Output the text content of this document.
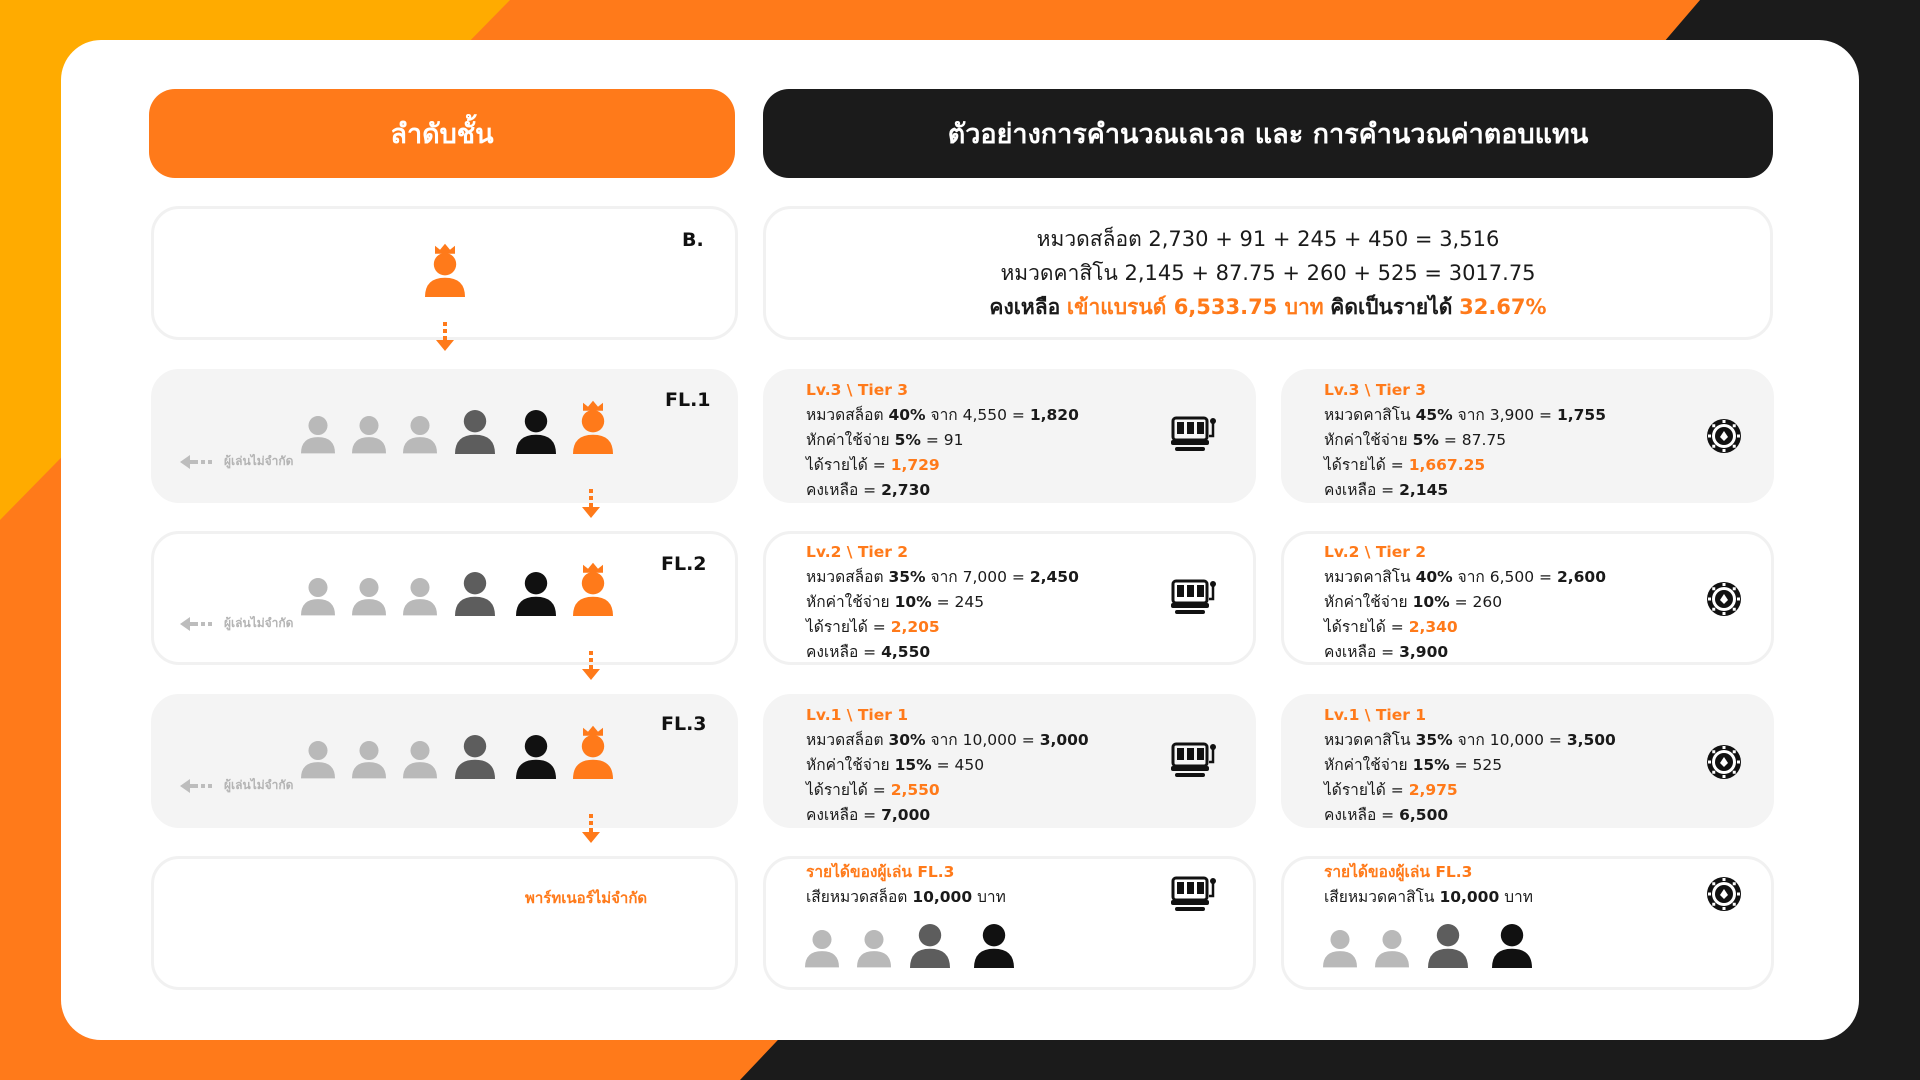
ลำดับชั้น	ตัวอย่างการคำนวณเลเวล และ การคำนวณค่าตอบแทน
B.
FL.1
FL.2
FL.3
ผู้เล่นไม่จำกัด
ผู้เล่นไม่จำกัด
ผู้เล่นไม่จำกัด
พาร์ทเนอร์ไม่จำกัด
หมวดสล็อต 2,730 + 91 + 245 + 450 = 3,516
หมวดคาสิโน 2,145 + 87.75 + 260 + 525 = 3017.75
คงเหลือ เข้าแบรนด์ 6,533.75 บาท คิดเป็นรายได้ 32.67%
Lv.3 \ Tier 3
หมวดสล็อต 40% จาก 4,550 = 1,820
หักค่าใช้จ่าย 5% = 91
ได้รายได้ = 1,729
คงเหลือ = 2,730
Lv.3 \ Tier 3
หมวดคาสิโน 45% จาก 3,900 = 1,755
หักค่าใช้จ่าย 5% = 87.75
ได้รายได้ = 1,667.25
คงเหลือ = 2,145
Lv.2 \ Tier 2
หมวดสล็อต 35% จาก 7,000 = 2,450
หักค่าใช้จ่าย 10% = 245
ได้รายได้ = 2,205
คงเหลือ = 4,550
Lv.2 \ Tier 2
หมวดคาสิโน 40% จาก 6,500 = 2,600
หักค่าใช้จ่าย 10% = 260
ได้รายได้ = 2,340
คงเหลือ = 3,900
Lv.1 \ Tier 1
หมวดสล็อต 30% จาก 10,000 = 3,000
หักค่าใช้จ่าย 15% = 450
ได้รายได้ = 2,550
คงเหลือ = 7,000
Lv.1 \ Tier 1
หมวดคาสิโน 35% จาก 10,000 = 3,500
หักค่าใช้จ่าย 15% = 525
ได้รายได้ = 2,975
คงเหลือ = 6,500
รายได้ของผู้เล่น FL.3
เสียหมวดสล็อต 10,000 บาท
รายได้ของผู้เล่น FL.3
เสียหมวดคาสิโน 10,000 บาท
